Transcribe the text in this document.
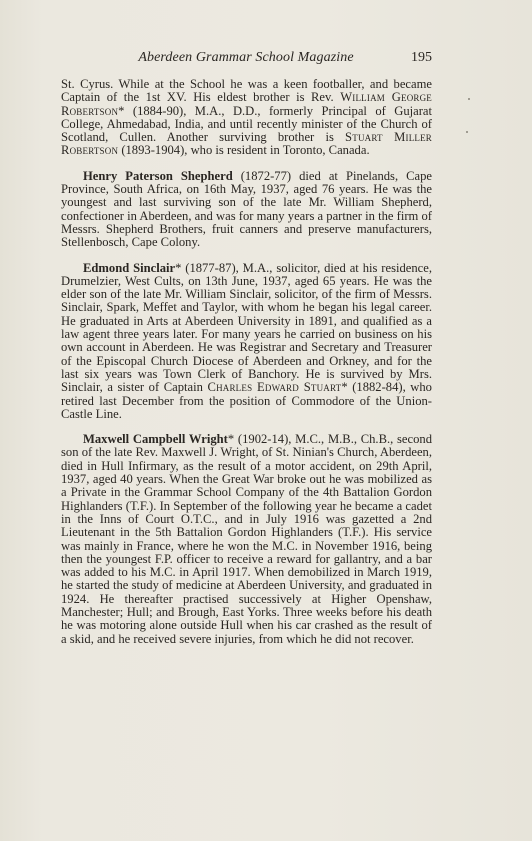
Aberdeen Grammar School Magazine	195

St. Cyrus. While at the School he was a keen footballer, and became Captain of the 1st XV. His eldest brother is Rev. William George Robertson* (1884-90), M.A., D.D., formerly Principal of Gujarat College, Ahmedabad, India, and until recently minister of the Church of Scotland, Cullen. Another surviving brother is Stuart Miller Robertson (1893-1904), who is resident in Toronto, Canada.

Henry Paterson Shepherd (1872-77) died at Pinelands, Cape Province, South Africa, on 16th May, 1937, aged 76 years. He was the youngest and last surviving son of the late Mr. William Shepherd, confectioner in Aberdeen, and was for many years a partner in the firm of Messrs. Shepherd Brothers, fruit canners and preserve manufacturers, Stellenbosch, Cape Colony.

Edmond Sinclair* (1877-87), M.A., solicitor, died at his residence, Drumelzier, West Cults, on 13th June, 1937, aged 65 years. He was the elder son of the late Mr. William Sinclair, solicitor, of the firm of Messrs. Sinclair, Spark, Meffet and Taylor, with whom he began his legal career. He graduated in Arts at Aberdeen University in 1891, and qualified as a law agent three years later. For many years he carried on business on his own account in Aberdeen. He was Registrar and Secretary and Treasurer of the Episcopal Church Diocese of Aberdeen and Orkney, and for the last six years was Town Clerk of Banchory. He is survived by Mrs. Sinclair, a sister of Captain Charles Edward Stuart* (1882-84), who retired last December from the position of Commodore of the Union-Castle Line.

Maxwell Campbell Wright* (1902-14), M.C., M.B., Ch.B., second son of the late Rev. Maxwell J. Wright, of St. Ninian's Church, Aberdeen, died in Hull Infirmary, as the result of a motor accident, on 29th April, 1937, aged 40 years. When the Great War broke out he was mobilized as a Private in the Grammar School Company of the 4th Battalion Gordon Highlanders (T.F.). In September of the following year he became a cadet in the Inns of Court O.T.C., and in July 1916 was gazetted a 2nd Lieutenant in the 5th Battalion Gordon Highlanders (T.F.). His service was mainly in France, where he won the M.C. in November 1916, being then the youngest F.P. officer to receive a reward for gallantry, and a bar was added to his M.C. in April 1917. When demobilized in March 1919, he started the study of medicine at Aberdeen University, and graduated in 1924. He thereafter practised successively at Higher Openshaw, Manchester; Hull; and Brough, East Yorks. Three weeks before his death he was motoring alone outside Hull when his car crashed as the result of a skid, and he received severe injuries, from which he did not recover.
